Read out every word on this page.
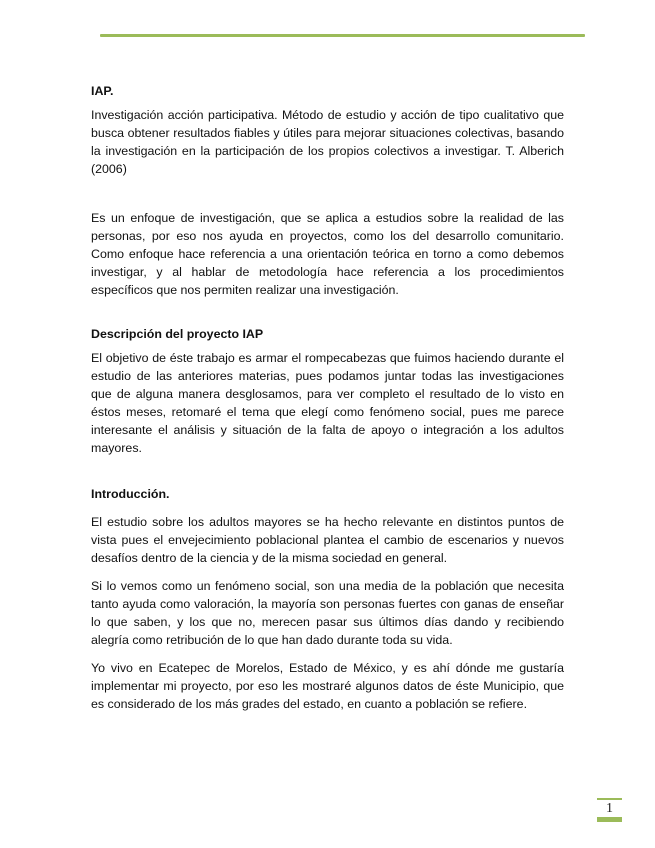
IAP.

Investigación acción participativa. Método de estudio y acción de tipo cualitativo que busca obtener resultados fiables y útiles para mejorar situaciones colectivas, basando la investigación en la participación de los propios colectivos a investigar. T. Alberich (2006)

Es un enfoque de investigación, que se aplica a estudios sobre la realidad de las personas, por eso nos ayuda en proyectos, como los del desarrollo comunitario. Como enfoque hace referencia a una orientación teórica en torno a como debemos investigar, y al hablar de metodología hace referencia a los procedimientos específicos que nos permiten realizar una investigación.

Descripción del proyecto IAP

El objetivo de éste trabajo es armar el rompecabezas que fuimos haciendo durante el estudio de las anteriores materias, pues podamos juntar todas las investigaciones que de alguna manera desglosamos, para ver completo el resultado de lo visto en éstos meses, retomaré el tema que elegí como fenómeno social, pues me parece interesante el análisis y situación de la falta de apoyo o integración a los adultos mayores.

Introducción.

El estudio sobre los adultos mayores se ha hecho relevante en distintos puntos de vista pues el envejecimiento poblacional plantea el cambio de escenarios y nuevos desafíos dentro de la ciencia y de la misma sociedad en general.

Si lo vemos como un fenómeno social, son una media de la población que necesita tanto ayuda como valoración, la mayoría son personas fuertes con ganas de enseñar lo que saben, y los que no, merecen pasar sus últimos días dando y recibiendo alegría como retribución de lo que han dado durante toda su vida.

Yo vivo en Ecatepec de Morelos, Estado de México, y es ahí dónde me gustaría implementar mi proyecto, por eso les mostraré algunos datos de éste Municipio, que es considerado de los más grades del estado, en cuanto a población se refiere.

1
